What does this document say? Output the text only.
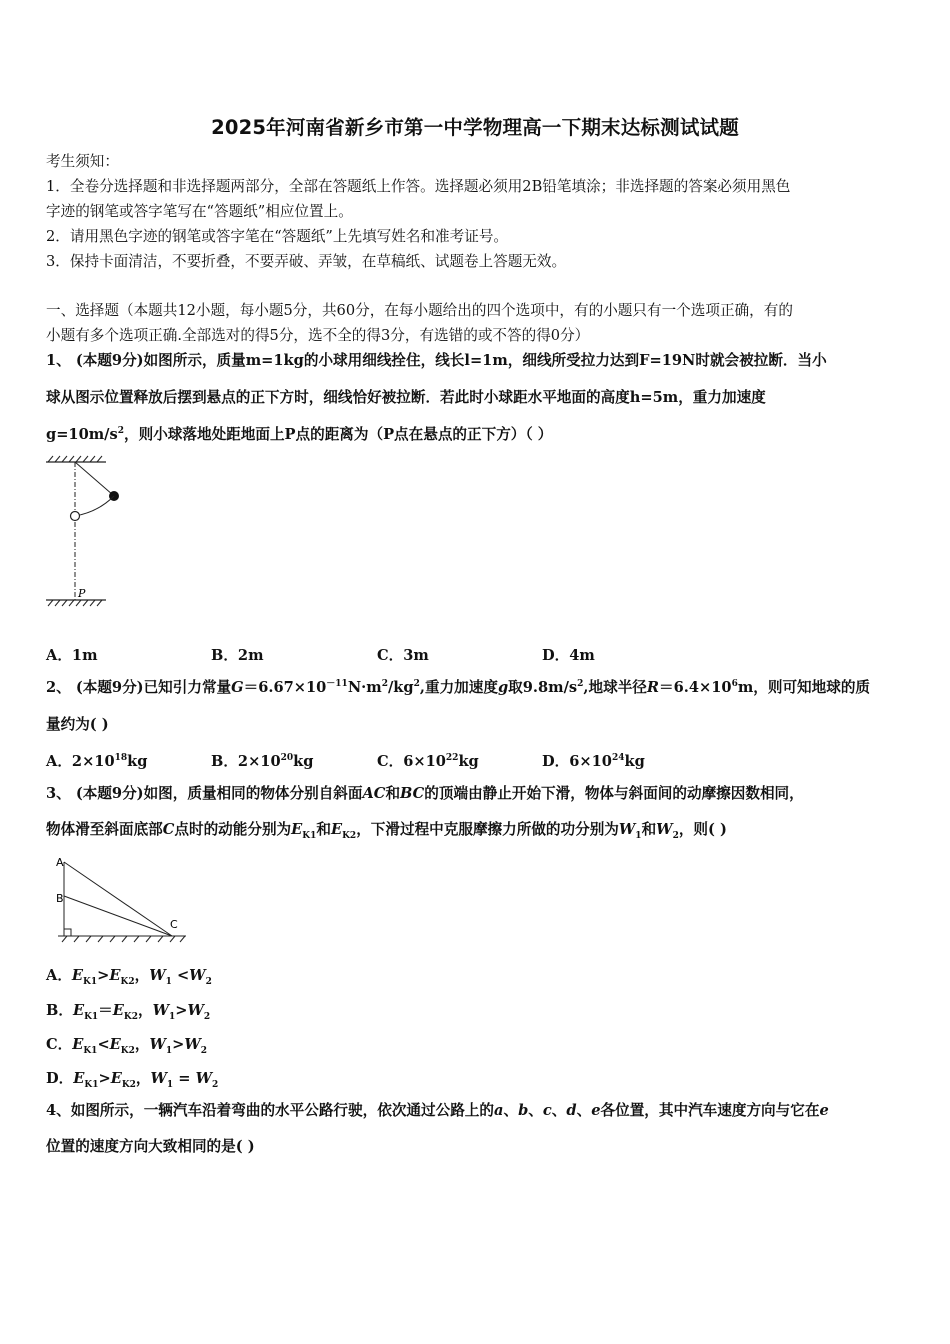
2025年河南省新乡市第一中学物理高一下期末达标测试试题
考生须知：
1．全卷分选择题和非选择题两部分，全部在答题纸上作答。选择题必须用2B铅笔填涂；非选择题的答案必须用黑色
字迹的钢笔或答字笔写在“答题纸”相应位置上。
2．请用黑色字迹的钢笔或答字笔在“答题纸”上先填写姓名和准考证号。
3．保持卡面清洁，不要折叠，不要弄破、弄皱，在草稿纸、试题卷上答题无效。
一、选择题（本题共12小题，每小题5分，共60分，在每小题给出的四个选项中，有的小题只有一个选项正确，有的
小题有多个选项正确.全部选对的得5分，选不全的得3分，有选错的或不答的得0分）
1、 (本题9分)如图所示，质量m=1kg的小球用细线拴住，线长l=1m，细线所受拉力达到F=19N时就会被拉断．当小
球从图示位置释放后摆到悬点的正下方时，细线恰好被拉断．若此时小球距水平地面的高度h=5m，重力加速度
$g=10m/s^2$，则小球落地处距地面上P点的距离为（P点在悬点的正下方）（ ）
P
A．1m	B．2m	C．3m	D．4m
2、 (本题9分)已知引力常量$G=6.67\times 10^{-11}N\cdot m^2/kg^2$,重力加速度g取$9.8m/s^2$,地球半径$R=6.4\times 10^6m$，则可知地球的质
量约为( )
A．$2\times 10^{18}kg$	B．$2\times 10^{20}kg$	C．$6\times 10^{22}kg$	D．$6\times 10^{24}kg$
3、 (本题9分)如图，质量相同的物体分别自斜面AC和BC的顶端由静止开始下滑，物体与斜面间的动摩擦因数相同，
物体滑至斜面底部C点时的动能分别为$E_{K1}$和$E_{K2}$，下滑过程中克服摩擦力所做的功分别为$W_1$和$W_2$，则( )
A
B
C
A．$E_{K1}>E_{K2}$，$W_1 <W_2$
B．$E_{K1}=E_{K2}$，$W_1>W_2$
C．$E_{K1}<E_{K2}$，$W_1>W_2$
D．$E_{K1}>E_{K2}$，$W_1 = W_2$
4、如图所示，一辆汽车沿着弯曲的水平公路行驶，依次通过公路上的a、b、c、d、e各位置，其中汽车速度方向与它在e
位置的速度方向大致相同的是( )
